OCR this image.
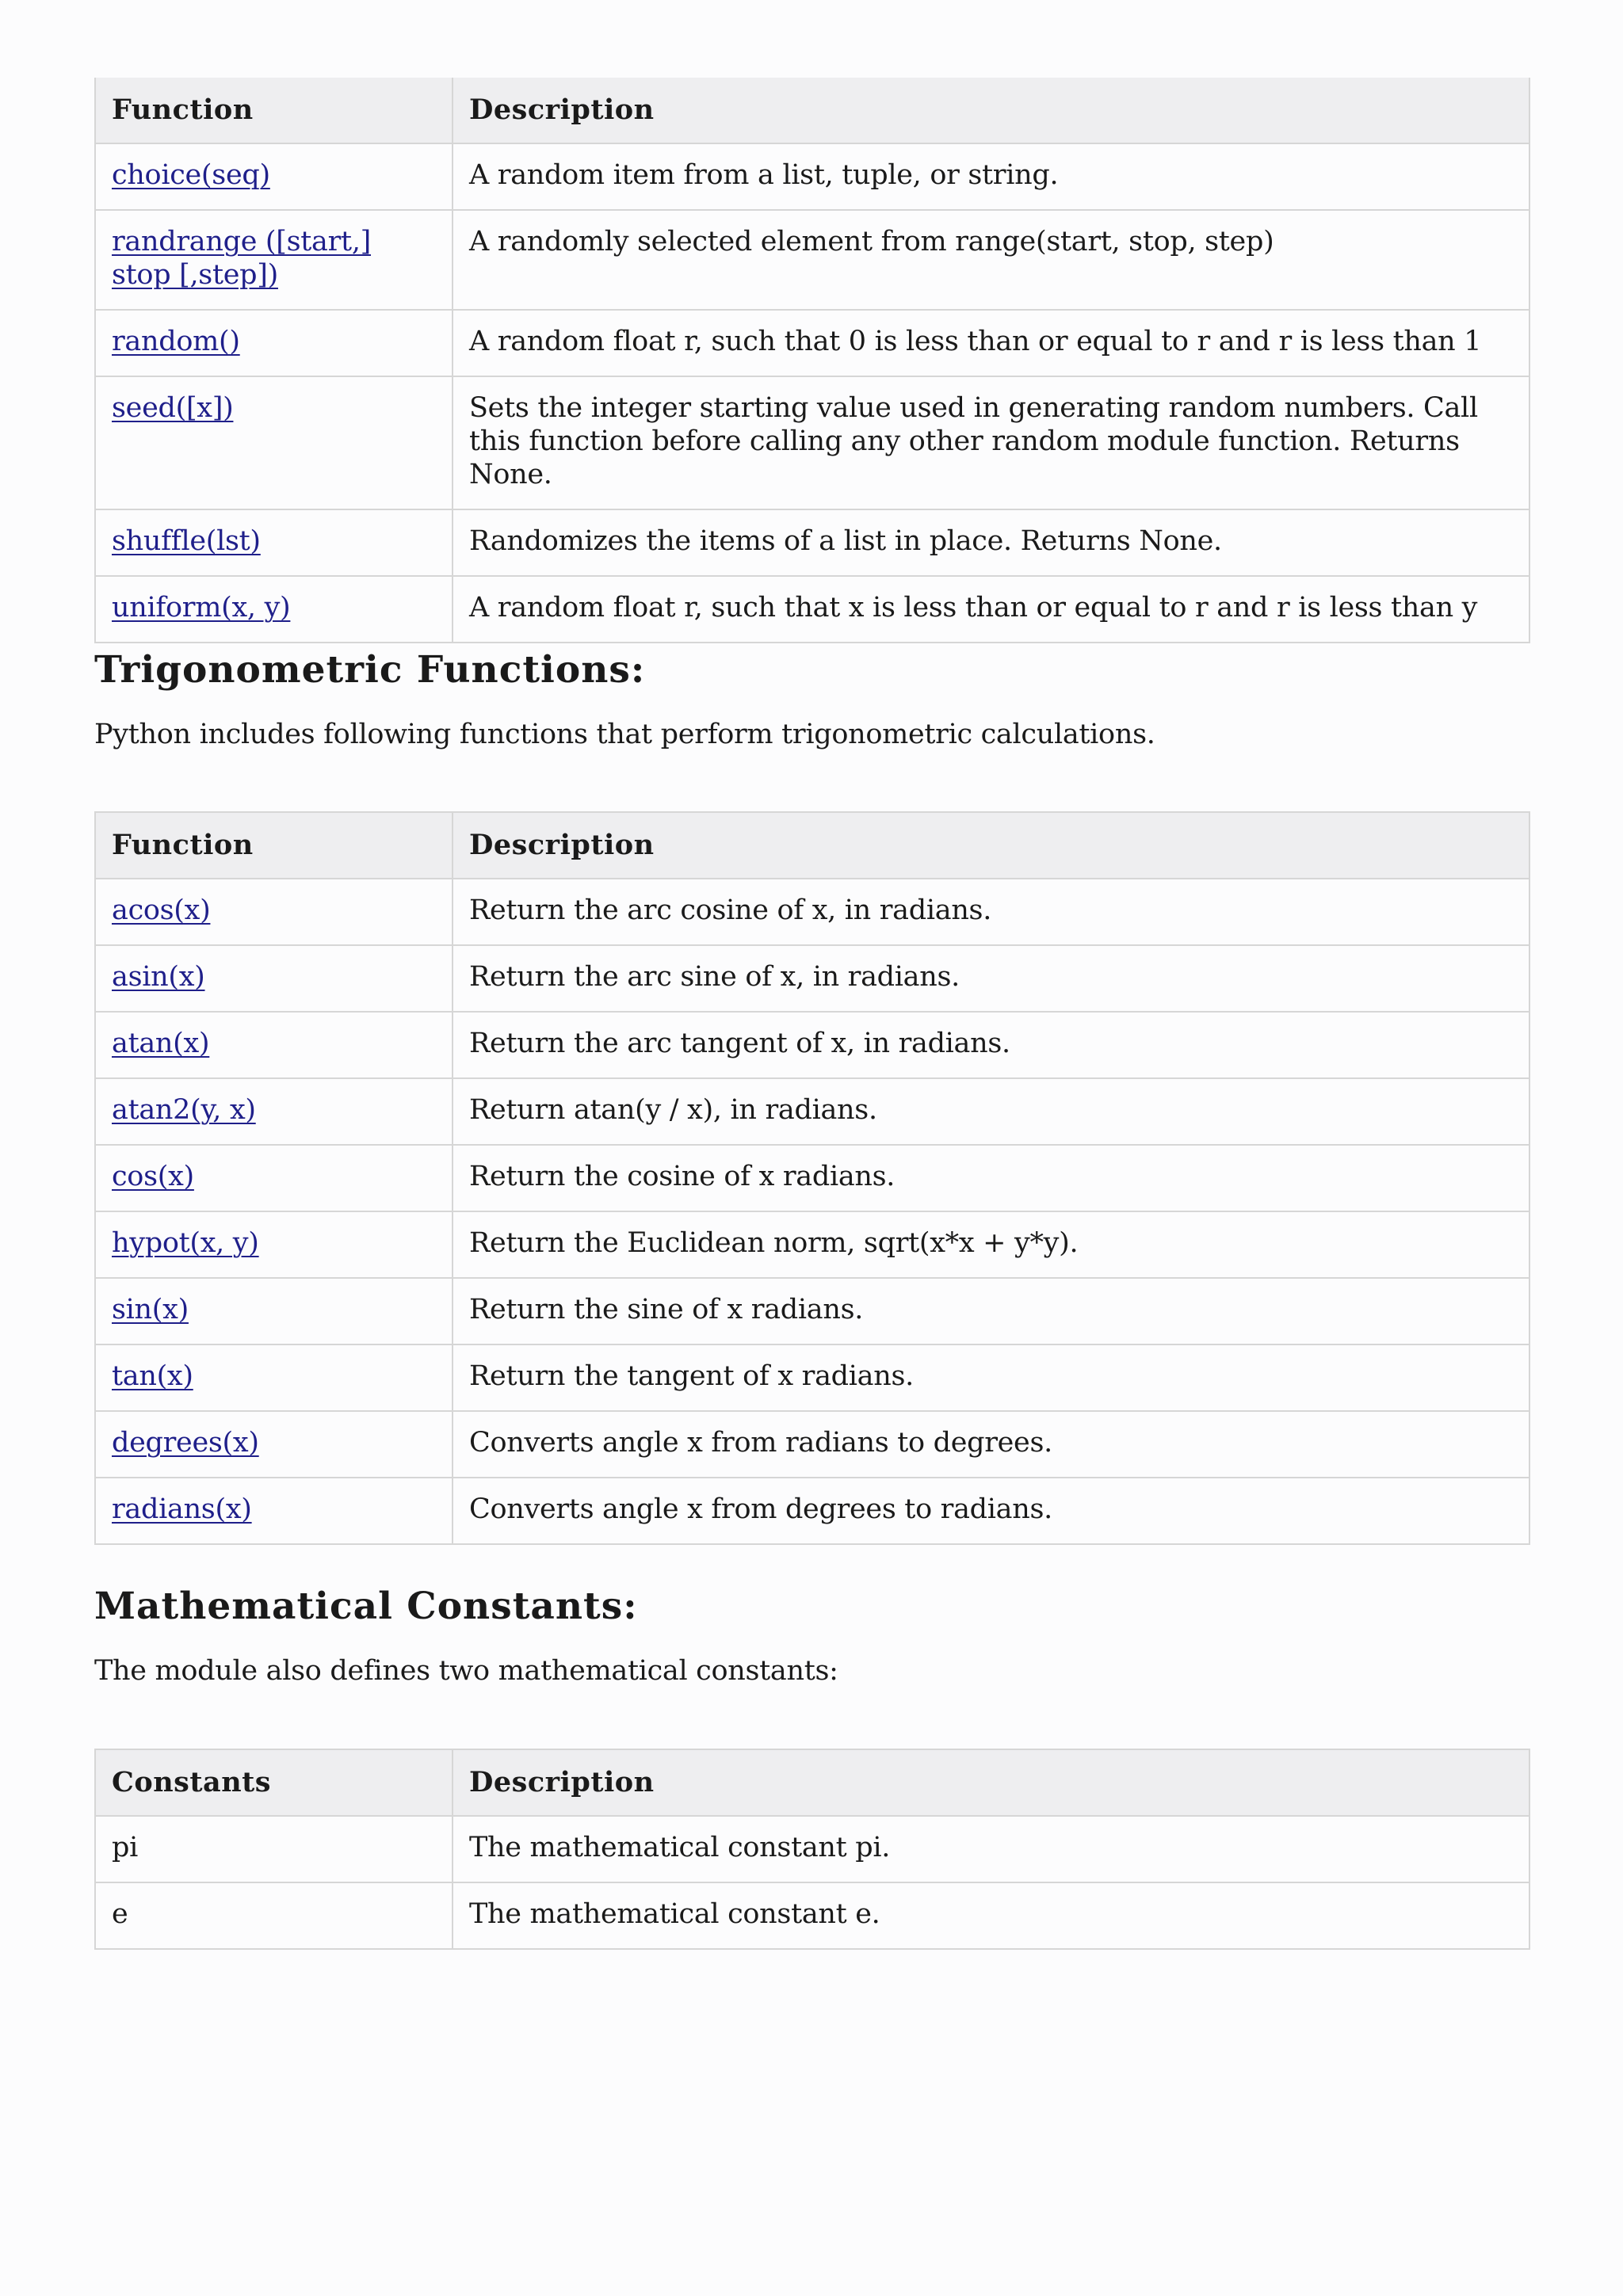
Function	Description
choice(seq)	A random item from a list, tuple, or string.
randrange ([start,] stop [,step])	A randomly selected element from range(start, stop, step)
random()	A random float r, such that 0 is less than or equal to r and r is less than 1
seed([x])	Sets the integer starting value used in generating random numbers. Call this function before calling any other random module function. Returns None.
shuffle(lst)	Randomizes the items of a list in place. Returns None.
uniform(x, y)	A random float r, such that x is less than or equal to r and r is less than y
Trigonometric Functions:

Python includes following functions that perform trigonometric calculations.

Function	Description
acos(x)	Return the arc cosine of x, in radians.
asin(x)	Return the arc sine of x, in radians.
atan(x)	Return the arc tangent of x, in radians.
atan2(y, x)	Return atan(y / x), in radians.
cos(x)	Return the cosine of x radians.
hypot(x, y)	Return the Euclidean norm, sqrt(x*x + y*y).
sin(x)	Return the sine of x radians.
tan(x)	Return the tangent of x radians.
degrees(x)	Converts angle x from radians to degrees.
radians(x)	Converts angle x from degrees to radians.
Mathematical Constants:

The module also defines two mathematical constants:

Constants	Description
pi	The mathematical constant pi.
e	The mathematical constant e.
